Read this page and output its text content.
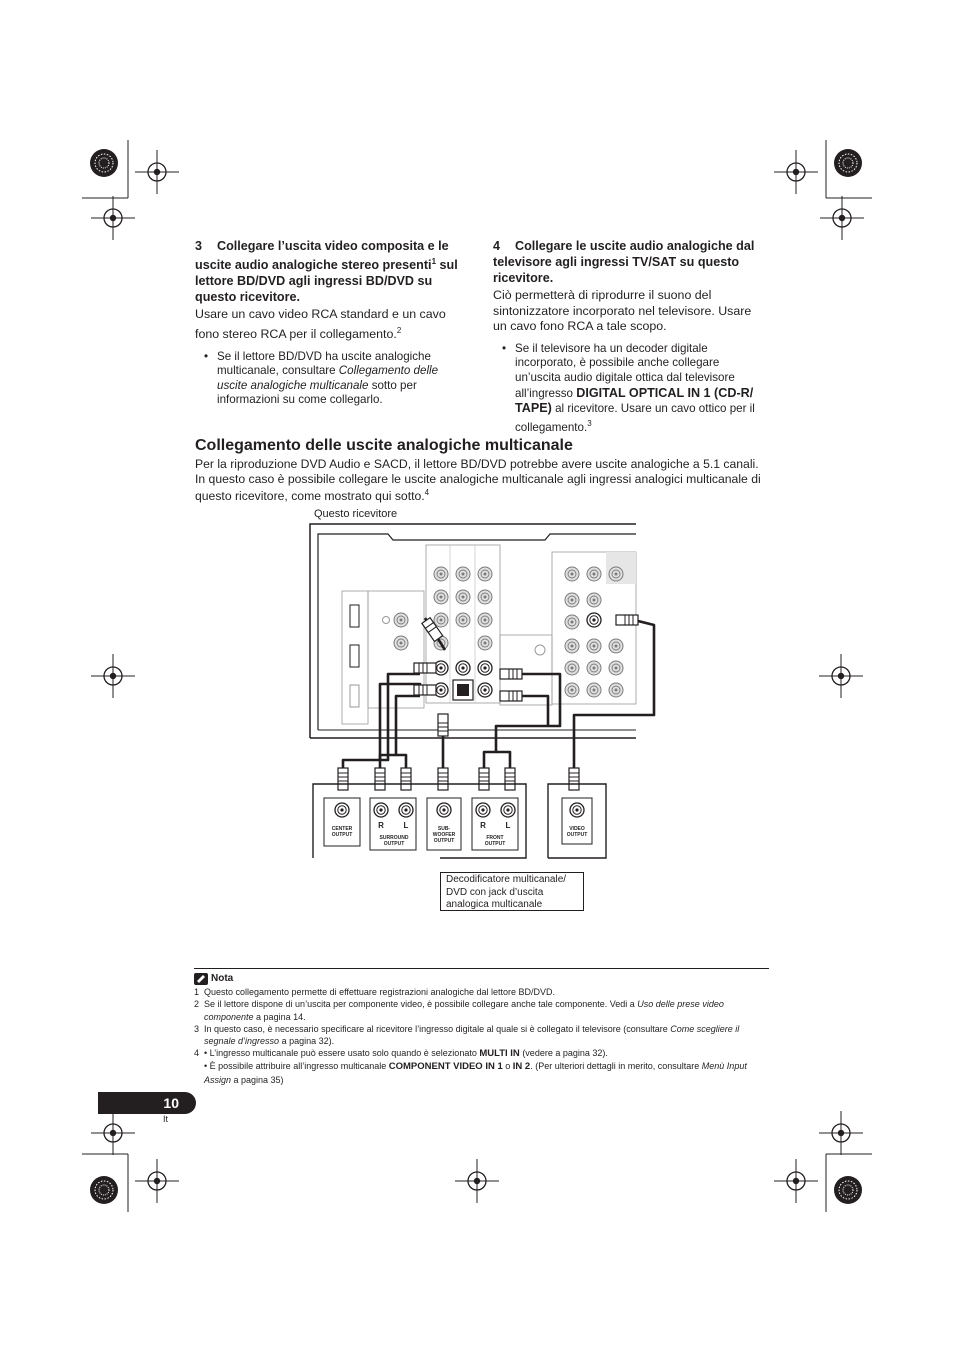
3 Collegare l’uscita video composita e le uscite audio analogiche stereo presenti$^1$ sul lettore BD/DVD agli ingressi BD/DVD su questo ricevitore.

Usare un cavo video RCA standard e un cavo fono stereo RCA per il collegamento.$^2$

• Se il lettore BD/DVD ha uscite analogiche multicanale, consultare Collegamento delle uscite analogiche multicanale sotto per informazioni su come collegarlo.

4 Collegare le uscite audio analogiche dal televisore agli ingressi TV/SAT su questo ricevitore.

Ciò permetterà di riprodurre il suono del sintonizzatore incorporato nel televisore. Usare un cavo fono RCA a tale scopo.

• Se il televisore ha un decoder digitale incorporato, è possibile anche collegare un’uscita audio digitale ottica dal televisore all’ingresso DIGITAL OPTICAL IN 1 (CD-R/ TAPE) al ricevitore. Usare un cavo ottico per il collegamento.$^3$
Collegamento delle uscite analogiche multicanale
Per la riproduzione DVD Audio e SACD, il lettore BD/DVD potrebbe avere uscite analogiche a 5.1 canali. In questo caso è possibile collegare le uscite analogiche multicanale agli ingressi analogici multicanale di questo ricevitore, come mostrato qui sotto.$^4$
Questo ricevitore
CENTER
OUTPUT
R L
SURROUND
OUTPUT
SUB-
WOOFER
OUTPUT
R L
FRONT
OUTPUT
VIDEO
OUTPUT
Decodificatore multicanale/ DVD con jack d’uscita analogica multicanale
Nota
1 Questo collegamento permette di effettuare registrazioni analogiche dal lettore BD/DVD.
2 Se il lettore dispone di un’uscita per componente video, è possibile collegare anche tale componente. Vedi a Uso delle prese video componente a pagina 14.
3 In questo caso, è necessario specificare al ricevitore l’ingresso digitale al quale si è collegato il televisore (consultare Come scegliere il segnale d’ingresso a pagina 32).
4 • L’ingresso multicanale può essere usato solo quando è selezionato MULTI IN (vedere a pagina 32).
• È possibile attribuire all’ingresso multicanale COMPONENT VIDEO IN 1 o IN 2. (Per ulteriori dettagli in merito, consultare Menù Input Assign a pagina 35)
10
It
